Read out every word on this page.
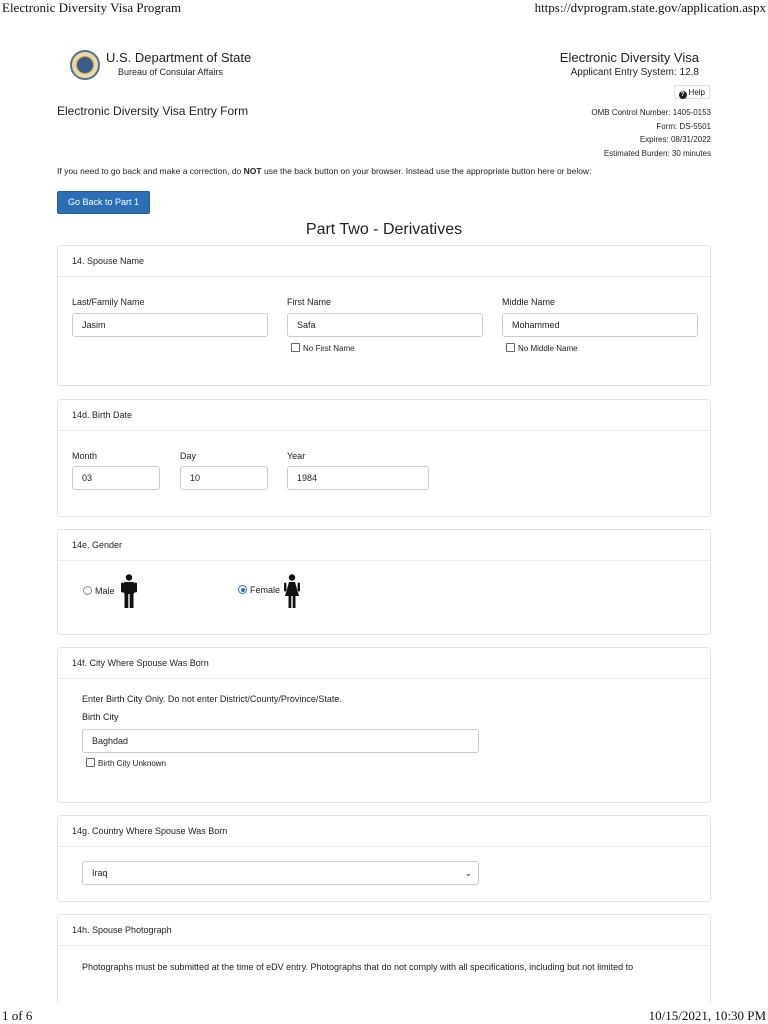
Electronic Diversity Visa Program	https://dvprogram.state.gov/application.aspx
U.S. Department of State
Bureau of Consular Affairs
Electronic Diversity Visa
Applicant Entry System: 12.8
? Help
Electronic Diversity Visa Entry Form	OMB Control Number: 1405-0153
Form: DS-5501
Expires: 08/31/2022
Estimated Burden: 30 minutes
If you need to go back and make a correction, do NOT use the back button on your browser. Instead use the appropriate button here or below:
Go Back to Part 1
Part Two - Derivatives
14. Spouse Name
Last/Family Name
Jasim
First Name
Safa
No First Name
Middle Name
Mohammed
No Middle Name
14d. Birth Date
Month
03
Day
10
Year
1984
14e. Gender
Male	Female
14f. City Where Spouse Was Born
Enter Birth City Only. Do not enter District/County/Province/State.
Birth City
Baghdad
Birth City Unknown
14g. Country Where Spouse Was Born
Iraq	⌄
14h. Spouse Photograph
Photographs must be submitted at the time of eDV entry. Photographs that do not comply with all specifications, including but not limited to
1 of 6	10/15/2021, 10:30 PM
